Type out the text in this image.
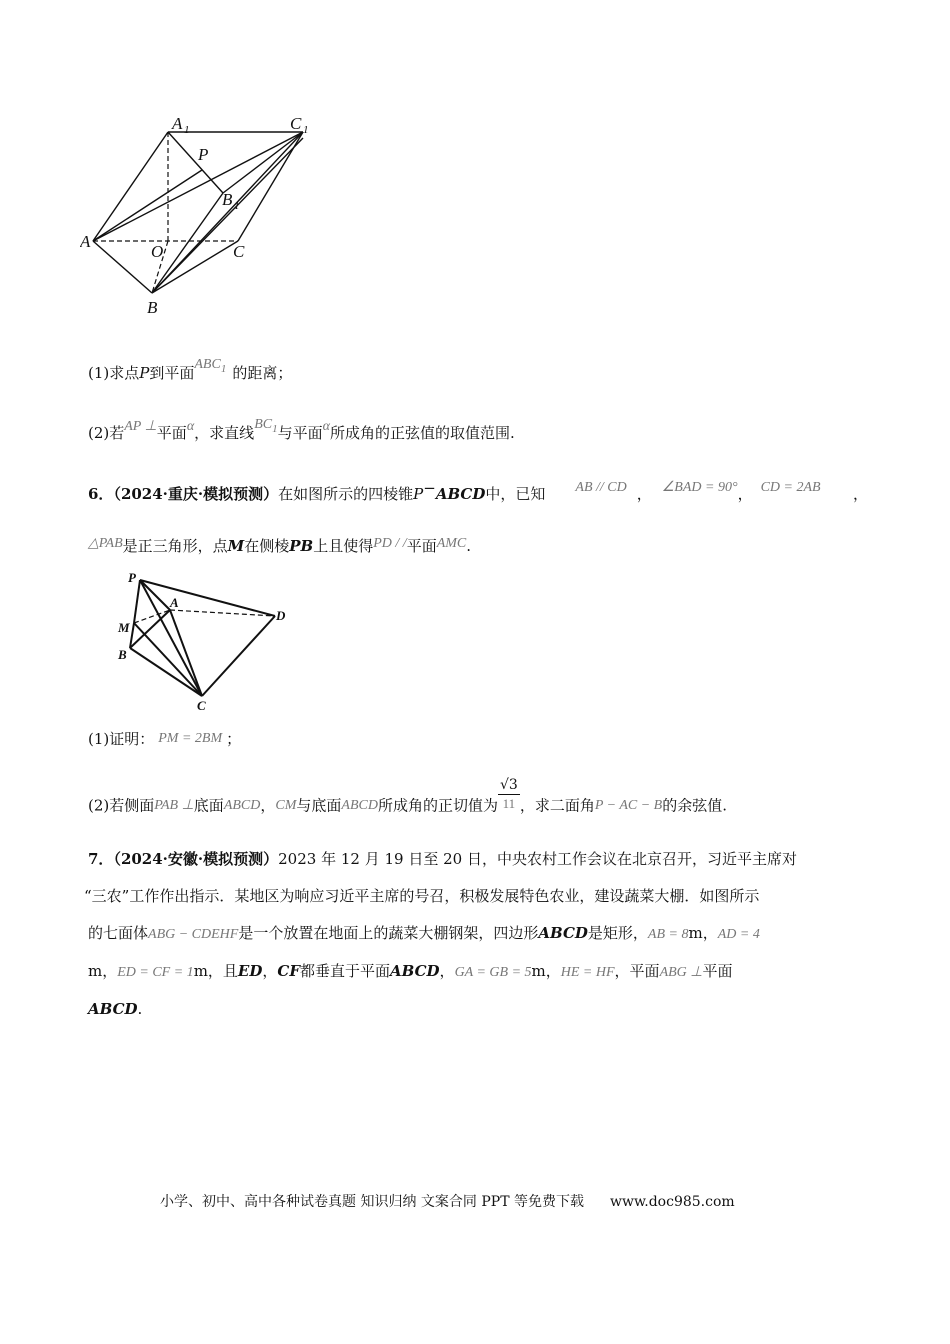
A 1	C 1
P
B 1
A
O	C
B
(1)求点P到平面ABC$^1$ 的距离；
(2)若AP ⊥平面α，求直线$BC^1$与平面α所成角的正弦值的取值范围.
6．（2024·重庆·模拟预测）在如图所示的四棱锥P−ABCD中，已知 AB // CD ， ∠BAD = 90°， CD = 2AB ，
△PAB是正三角形，点M在侧棱PB上且使得PD / /平面AMC.
P
A
D
M
B
C
(1)证明： PM = 2BM ；
(2)若侧面PAB ⊥底面ABCD，CM与底面ABCD所成角的正切值为 $\frac{√3}{11}$ ，求二面角P − AC − B的余弦值.
7．（2024·安徽·模拟预测）2023 年 12 月 19 日至 20 日，中央农村工作会议在北京召开，习近平主席对
“三农”工作作出指示．某地区为响应习近平主席的号召，积极发展特色农业，建设蔬菜大棚．如图所示
的七面体ABG − CDEHF是一个放置在地面上的蔬菜大棚钢架，四边形ABCD是矩形，AB = 8m，AD = 4
m，ED = CF = 1m，且ED，CF都垂直于平面ABCD，GA = GB = 5m，HE = HF，平面ABG ⊥平面
ABCD.
小学、初中、高中各种试卷真题 知识归纳 文案合同 PPT 等免费下载 www.doc985.com
